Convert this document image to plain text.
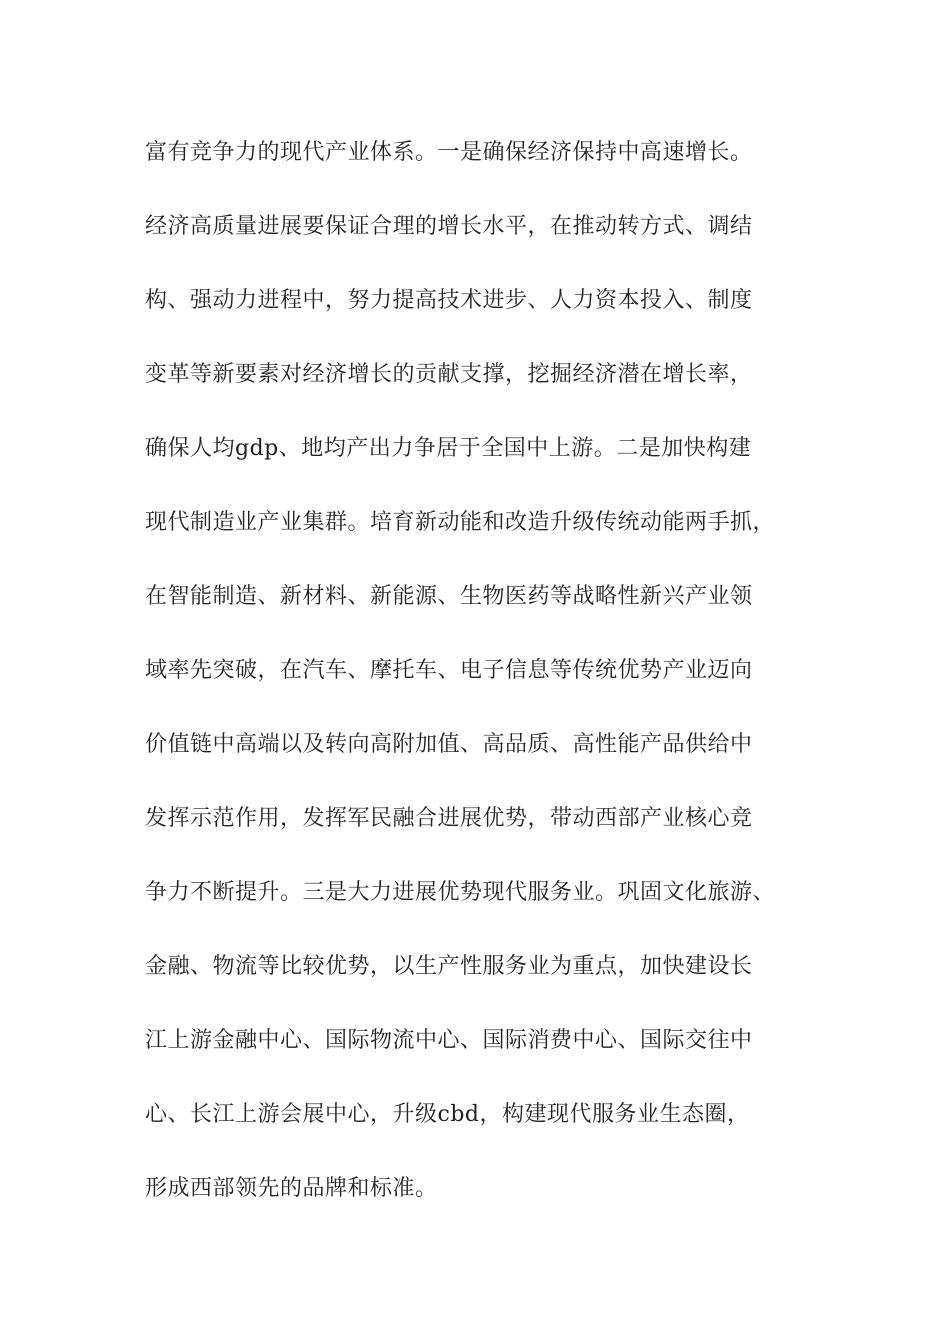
富有竞争力的现代产业体系。一是确保经济保持中高速增长。
经济高质量进展要保证合理的增长水平，在推动转方式、调结
构、强动力进程中，努力提高技术进步、人力资本投入、制度
变革等新要素对经济增长的贡献支撑，挖掘经济潜在增长率，
确保人均gdp、地均产出力争居于全国中上游。二是加快构建
现代制造业产业集群。培育新动能和改造升级传统动能两手抓，
在智能制造、新材料、新能源、生物医药等战略性新兴产业领
域率先突破，在汽车、摩托车、电子信息等传统优势产业迈向
价值链中高端以及转向高附加值、高品质、高性能产品供给中
发挥示范作用，发挥军民融合进展优势，带动西部产业核心竞
争力不断提升。三是大力进展优势现代服务业。巩固文化旅游、
金融、物流等比较优势，以生产性服务业为重点，加快建设长
江上游金融中心、国际物流中心、国际消费中心、国际交往中
心、长江上游会展中心，升级cbd，构建现代服务业生态圈，
形成西部领先的品牌和标准。
